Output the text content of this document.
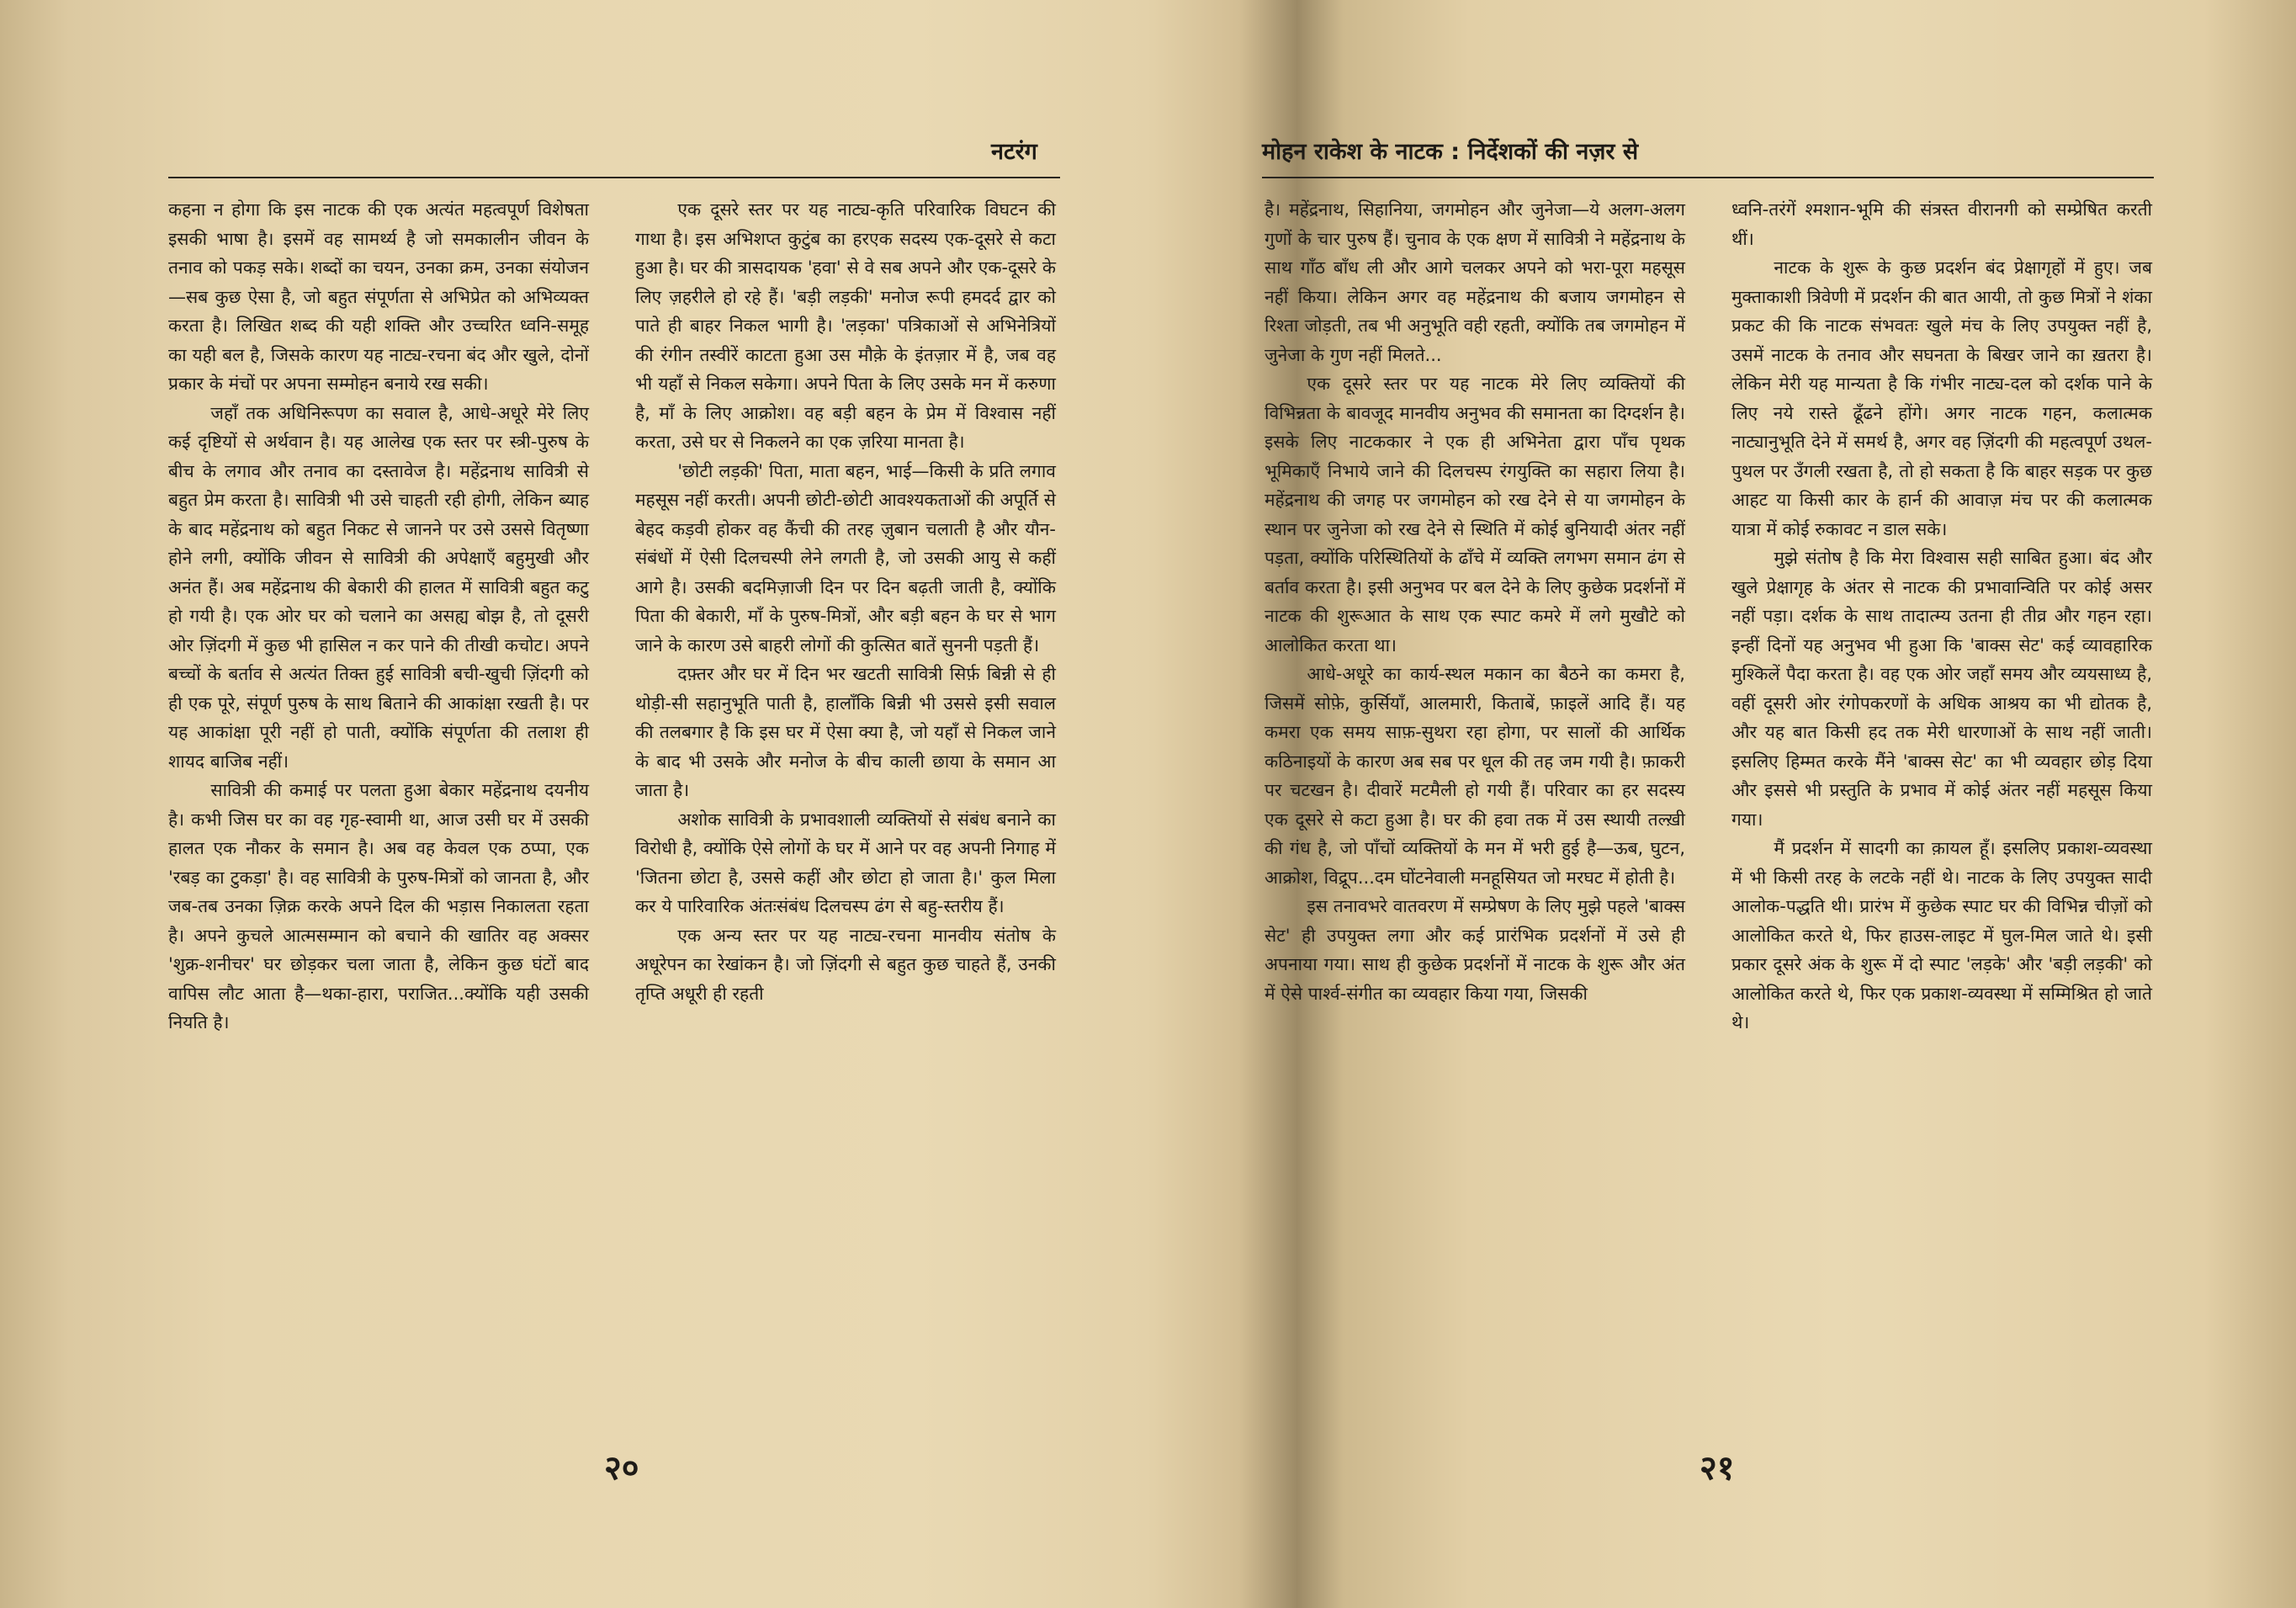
नटरंग

कहना न होगा कि इस नाटक की एक अत्यंत महत्वपूर्ण विशेषता इसकी भाषा है। इसमें वह सामर्थ्य है जो समकालीन जीवन के तनाव को पकड़ सके। शब्दों का चयन, उनका क्रम, उनका संयोजन—सब कुछ ऐसा है, जो बहुत संपूर्णता से अभिप्रेत को अभिव्यक्त करता है। लिखित शब्द की यही शक्ति और उच्चरित ध्वनि-समूह का यही बल है, जिसके कारण यह नाट्य-रचना बंद और खुले, दोनों प्रकार के मंचों पर अपना सम्मोहन बनाये रख सकी।

जहाँ तक अधिनिरूपण का सवाल है, आधे-अधूरे मेरे लिए कई दृष्टियों से अर्थवान है। यह आलेख एक स्तर पर स्त्री-पुरुष के बीच के लगाव और तनाव का दस्तावेज है। महेंद्रनाथ सावित्री से बहुत प्रेम करता है। सावित्री भी उसे चाहती रही होगी, लेकिन ब्याह के बाद महेंद्रनाथ को बहुत निकट से जानने पर उसे उससे वितृष्णा होने लगी, क्योंकि जीवन से सावित्री की अपेक्षाएँ बहुमुखी और अनंत हैं। अब महेंद्रनाथ की बेकारी की हालत में सावित्री बहुत कटु हो गयी है। एक ओर घर को चलाने का असह्य बोझ है, तो दूसरी ओर ज़िंदगी में कुछ भी हासिल न कर पाने की तीखी कचोट। अपने बच्चों के बर्ताव से अत्यंत तिक्त हुई सावित्री बची-खुची ज़िंदगी को ही एक पूरे, संपूर्ण पुरुष के साथ बिताने की आकांक्षा रखती है। पर यह आकांक्षा पूरी नहीं हो पाती, क्योंकि संपूर्णता की तलाश ही शायद बाजिब नहीं।

सावित्री की कमाई पर पलता हुआ बेकार महेंद्रनाथ दयनीय है। कभी जिस घर का वह गृह-स्वामी था, आज उसी घर में उसकी हालत एक नौकर के समान है। अब वह केवल एक ठप्पा, एक 'रबड़ का टुकड़ा' है। वह सावित्री के पुरुष-मित्रों को जानता है, और जब-तब उनका ज़िक्र करके अपने दिल की भड़ास निकालता रहता है। अपने कुचले आत्मसम्मान को बचाने की खातिर वह अक्सर 'शुक्र-शनीचर' घर छोड़कर चला जाता है, लेकिन कुछ घंटों बाद वापिस लौट आता है—थका-हारा, पराजित...क्योंकि यही उसकी नियति है।

एक दूसरे स्तर पर यह नाट्य-कृति परिवारिक विघटन की गाथा है। इस अभिशप्त कुटुंब का हरएक सदस्य एक-दूसरे से कटा हुआ है। घर की त्रासदायक 'हवा' से वे सब अपने और एक-दूसरे के लिए ज़हरीले हो रहे हैं। 'बड़ी लड़की' मनोज रूपी हमदर्द द्वार को पाते ही बाहर निकल भागी है। 'लड़का' पत्रिकाओं से अभिनेत्रियों की रंगीन तस्वीरें काटता हुआ उस मौक़े के इंतज़ार में है, जब वह भी यहाँ से निकल सकेगा। अपने पिता के लिए उसके मन में करुणा है, माँ के लिए आक्रोश। वह बड़ी बहन के प्रेम में विश्वास नहीं करता, उसे घर से निकलने का एक ज़रिया मानता है।

'छोटी लड़की' पिता, माता बहन, भाई—किसी के प्रति लगाव महसूस नहीं करती। अपनी छोटी-छोटी आवश्यकताओं की अपूर्ति से बेहद कड़वी होकर वह कैंची की तरह ज़ुबान चलाती है और यौन-संबंधों में ऐसी दिलचस्पी लेने लगती है, जो उसकी आयु से कहीं आगे है। उसकी बदमिज़ाजी दिन पर दिन बढ़ती जाती है, क्योंकि पिता की बेकारी, माँ के पुरुष-मित्रों, और बड़ी बहन के घर से भाग जाने के कारण उसे बाहरी लोगों की कुत्सित बातें सुननी पड़ती हैं।

दफ़्तर और घर में दिन भर खटती सावित्री सिर्फ़ बिन्नी से ही थोड़ी-सी सहानुभूति पाती है, हालाँकि बिन्नी भी उससे इसी सवाल की तलबगार है कि इस घर में ऐसा क्या है, जो यहाँ से निकल जाने के बाद भी उसके और मनोज के बीच काली छाया के समान आ जाता है।

अशोक सावित्री के प्रभावशाली व्यक्तियों से संबंध बनाने का विरोधी है, क्योंकि ऐसे लोगों के घर में आने पर वह अपनी निगाह में 'जितना छोटा है, उससे कहीं और छोटा हो जाता है।' कुल मिला कर ये पारिवारिक अंतःसंबंध दिलचस्प ढंग से बहु-स्तरीय हैं।

एक अन्य स्तर पर यह नाट्य-रचना मानवीय संतोष के अधूरेपन का रेखांकन है। जो ज़िंदगी से बहुत कुछ चाहते हैं, उनकी तृप्ति अधूरी ही रहती

२०
मोहन राकेश के नाटक : निर्देशकों की नज़र से

है। महेंद्रनाथ, सिहानिया, जगमोहन और जुनेजा—ये अलग-अलग गुणों के चार पुरुष हैं। चुनाव के एक क्षण में सावित्री ने महेंद्रनाथ के साथ गाँठ बाँध ली और आगे चलकर अपने को भरा-पूरा महसूस नहीं किया। लेकिन अगर वह महेंद्रनाथ की बजाय जगमोहन से रिश्ता जोड़ती, तब भी अनुभूति वही रहती, क्योंकि तब जगमोहन में जुनेजा के गुण नहीं मिलते...

एक दूसरे स्तर पर यह नाटक मेरे लिए व्यक्तियों की विभिन्नता के बावजूद मानवीय अनुभव की समानता का दिग्दर्शन है। इसके लिए नाटककार ने एक ही अभिनेता द्वारा पाँच पृथक भूमिकाएँ निभाये जाने की दिलचस्प रंगयुक्ति का सहारा लिया है। महेंद्रनाथ की जगह पर जगमोहन को रख देने से या जगमोहन के स्थान पर जुनेजा को रख देने से स्थिति में कोई बुनियादी अंतर नहीं पड़ता, क्योंकि परिस्थितियों के ढाँचे में व्यक्ति लगभग समान ढंग से बर्ताव करता है। इसी अनुभव पर बल देने के लिए कुछेक प्रदर्शनों में नाटक की शुरूआत के साथ एक स्पाट कमरे में लगे मुखौटे को आलोकित करता था।

आधे-अधूरे का कार्य-स्थल मकान का बैठने का कमरा है, जिसमें सोफ़े, कुर्सियाँ, आलमारी, किताबें, फ़ाइलें आदि हैं। यह कमरा एक समय साफ़-सुथरा रहा होगा, पर सालों की आर्थिक कठिनाइयों के कारण अब सब पर धूल की तह जम गयी है। फ़ाकरी पर चटखन है। दीवारें मटमैली हो गयी हैं। परिवार का हर सदस्य एक दूसरे से कटा हुआ है। घर की हवा तक में उस स्थायी तल्ख़ी की गंध है, जो पाँचों व्यक्तियों के मन में भरी हुई है—ऊब, घुटन, आक्रोश, विद्रूप...दम घोंटनेवाली मनहूसियत जो मरघट में होती है।

इस तनावभरे वातवरण में सम्प्रेषण के लिए मुझे पहले 'बाक्स सेट' ही उपयुक्त लगा और कई प्रारंभिक प्रदर्शनों में उसे ही अपनाया गया। साथ ही कुछेक प्रदर्शनों में नाटक के शुरू और अंत में ऐसे पार्श्व-संगीत का व्यवहार किया गया, जिसकी

ध्वनि-तरंगें श्मशान-भूमि की संत्रस्त वीरानगी को सम्प्रेषित करती थीं।

नाटक के शुरू के कुछ प्रदर्शन बंद प्रेक्षागृहों में हुए। जब मुक्ताकाशी त्रिवेणी में प्रदर्शन की बात आयी, तो कुछ मित्रों ने शंका प्रकट की कि नाटक संभवतः खुले मंच के लिए उपयुक्त नहीं है, उसमें नाटक के तनाव और सघनता के बिखर जाने का ख़तरा है। लेकिन मेरी यह मान्यता है कि गंभीर नाट्य-दल को दर्शक पाने के लिए नये रास्ते ढूँढने होंगे। अगर नाटक गहन, कलात्मक नाट्यानुभूति देने में समर्थ है, अगर वह ज़िंदगी की महत्वपूर्ण उथल-पुथल पर उँगली रखता है, तो हो सकता है कि बाहर सड़क पर कुछ आहट या किसी कार के हार्न की आवाज़ मंच पर की कलात्मक यात्रा में कोई रुकावट न डाल सके।

मुझे संतोष है कि मेरा विश्वास सही साबित हुआ। बंद और खुले प्रेक्षागृह के अंतर से नाटक की प्रभावान्विति पर कोई असर नहीं पड़ा। दर्शक के साथ तादात्म्य उतना ही तीव्र और गहन रहा। इन्हीं दिनों यह अनुभव भी हुआ कि 'बाक्स सेट' कई व्यावहारिक मुश्किलें पैदा करता है। वह एक ओर जहाँ समय और व्ययसाध्य है, वहीं दूसरी ओर रंगोपकरणों के अधिक आश्रय का भी द्योतक है, और यह बात किसी हद तक मेरी धारणाओं के साथ नहीं जाती। इसलिए हिम्मत करके मैंने 'बाक्स सेट' का भी व्यवहार छोड़ दिया और इससे भी प्रस्तुति के प्रभाव में कोई अंतर नहीं महसूस किया गया।

मैं प्रदर्शन में सादगी का क़ायल हूँ। इसलिए प्रकाश-व्यवस्था में भी किसी तरह के लटके नहीं थे। नाटक के लिए उपयुक्त सादी आलोक-पद्धति थी। प्रारंभ में कुछेक स्पाट घर की विभिन्न चीज़ों को आलोकित करते थे, फिर हाउस-लाइट में घुल-मिल जाते थे। इसी प्रकार दूसरे अंक के शुरू में दो स्पाट 'लड़के' और 'बड़ी लड़की' को आलोकित करते थे, फिर एक प्रकाश-व्यवस्था में सम्मिश्रित हो जाते थे।

२१
